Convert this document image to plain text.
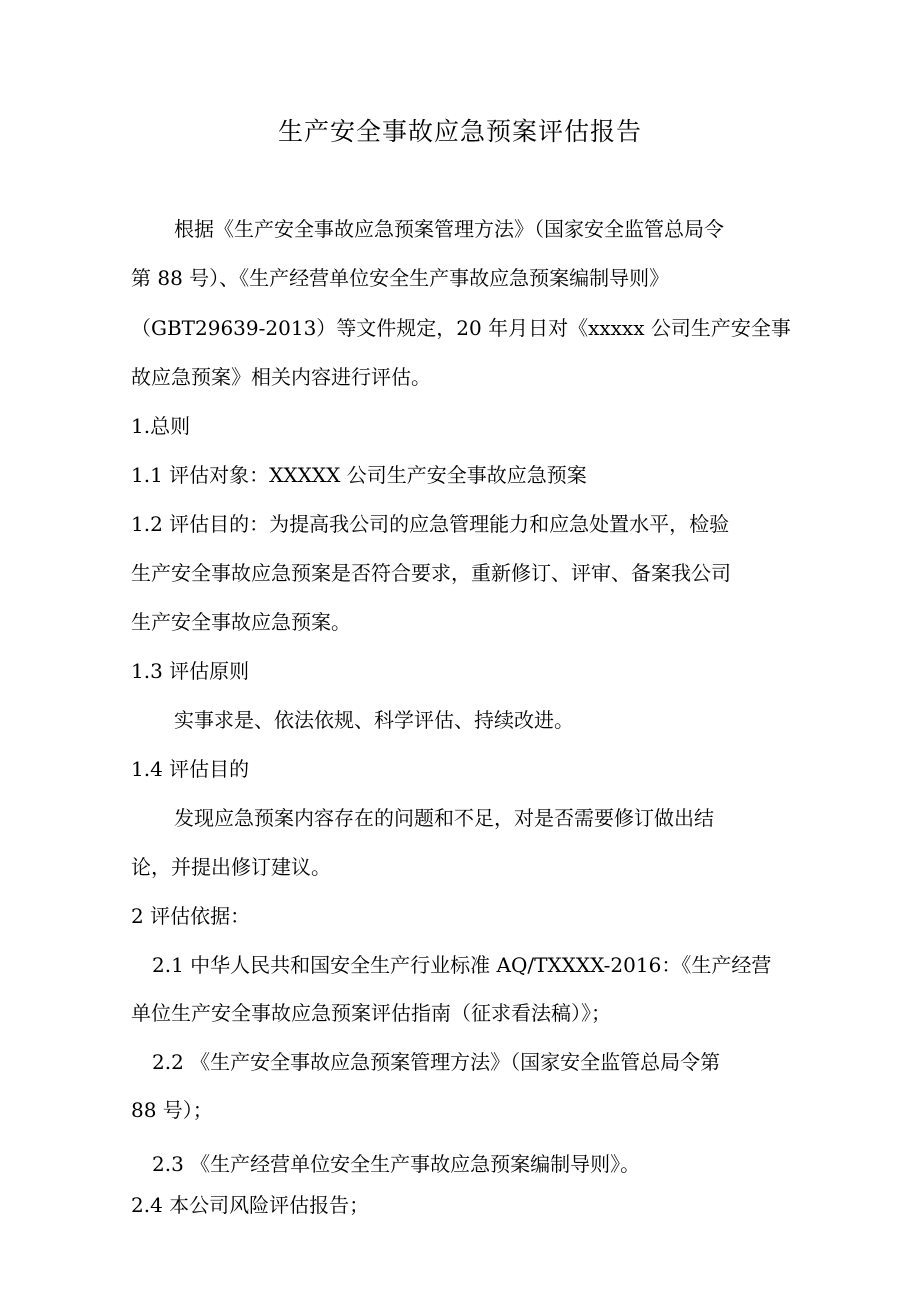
生产安全事故应急预案评估报告
根据《生产安全事故应急预案管理方法》（国家安全监管总局令
第 88 号）、《生产经营单位安全生产事故应急预案编制导则》
（GBT29639-2013）等文件规定，20 年月日对《xxxxx 公司生产安全事
故应急预案》相关内容进行评估。
1.总则
1.1 评估对象：XXXXX 公司生产安全事故应急预案
1.2 评估目的：为提高我公司的应急管理能力和应急处置水平，检验
生产安全事故应急预案是否符合要求，重新修订、评审、备案我公司
生产安全事故应急预案。
1.3 评估原则
实事求是、依法依规、科学评估、持续改进。
1.4 评估目的
发现应急预案内容存在的问题和不足，对是否需要修订做出结
论，并提出修订建议。
2 评估依据：
2.1 中华人民共和国安全生产行业标准 AQ/TXXXX-2016：《生产经营
单位生产安全事故应急预案评估指南（征求看法稿）》；
2.2 《生产安全事故应急预案管理方法》（国家安全监管总局令第
88 号）；
2.3 《生产经营单位安全生产事故应急预案编制导则》。
2.4 本公司风险评估报告；
